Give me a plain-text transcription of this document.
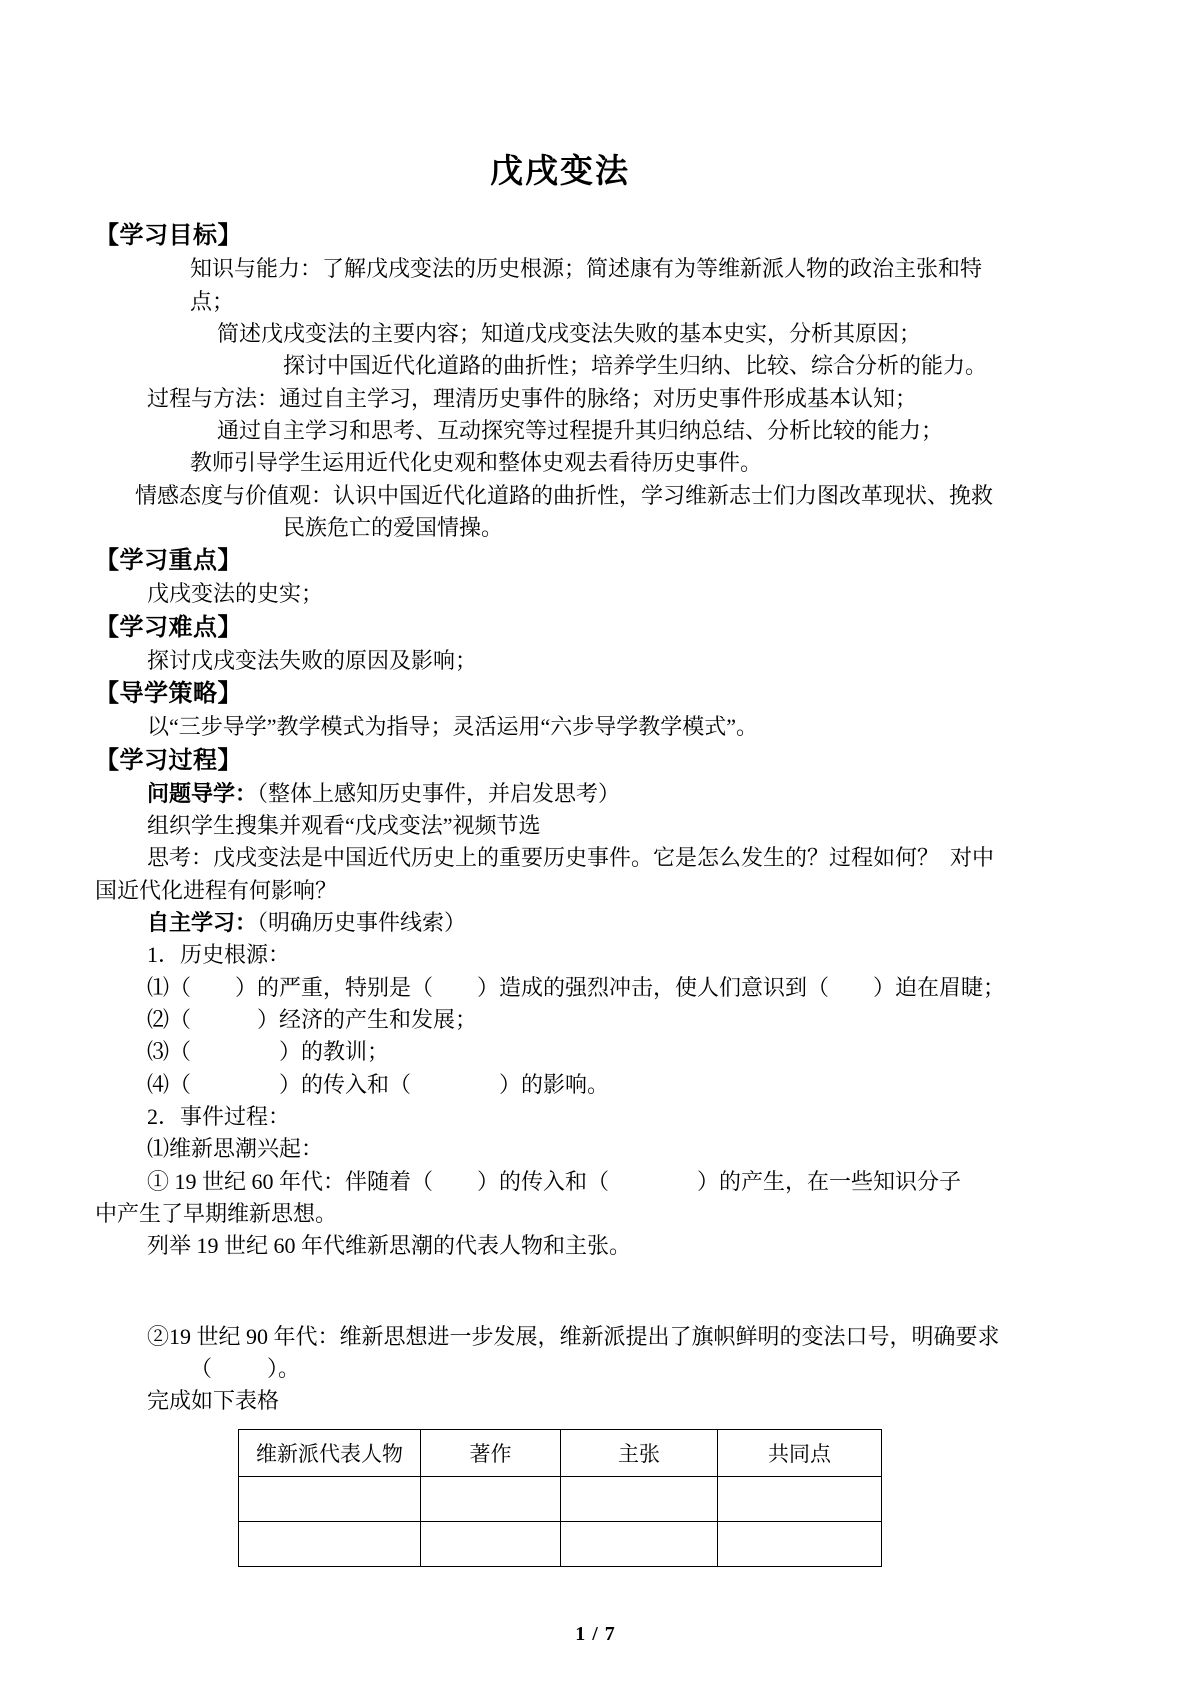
戊戌变法
【学习目标】
知识与能力：了解戊戌变法的历史根源；简述康有为等维新派人物的政治主张和特点；
简述戊戌变法的主要内容；知道戊戌变法失败的基本史实，分析其原因；
探讨中国近代化道路的曲折性；培养学生归纳、比较、综合分析的能力。
过程与方法：通过自主学习，理清历史事件的脉络；对历史事件形成基本认知；
通过自主学习和思考、互动探究等过程提升其归纳总结、分析比较的能力；
教师引导学生运用近代化史观和整体史观去看待历史事件。
情感态度与价值观：认识中国近代化道路的曲折性，学习维新志士们力图改革现状、挽救
民族危亡的爱国情操。
【学习重点】
戊戌变法的史实；
【学习难点】
探讨戊戌变法失败的原因及影响；
【导学策略】
以“三步导学”教学模式为指导；灵活运用“六步导学教学模式”。
【学习过程】
问题导学：（整体上感知历史事件，并启发思考）
组织学生搜集并观看“戊戌变法”视频节选
思考：戊戌变法是中国近代历史上的重要历史事件。它是怎么发生的？过程如何？  对中
国近代化进程有何影响？
自主学习：（明确历史事件线索）
1．历史根源：
⑴（        ）的严重，特别是（        ）造成的强烈冲击，使人们意识到（        ）迫在眉睫；
⑵（            ）经济的产生和发展；
⑶（                ）的教训；
⑷（                ）的传入和（                ）的影响。
2．事件过程：
⑴维新思潮兴起：
① 19 世纪 60 年代：伴随着（        ）的传入和（                ）的产生，在一些知识分子
中产生了早期维新思想。
列举 19 世纪 60 年代维新思潮的代表人物和主张。
②19 世纪 90 年代：维新思想进一步发展，维新派提出了旗帜鲜明的变法口号，明确要求
（          ）。
完成如下表格
维新派代表人物	著作	主张	共同点

1 / 7
